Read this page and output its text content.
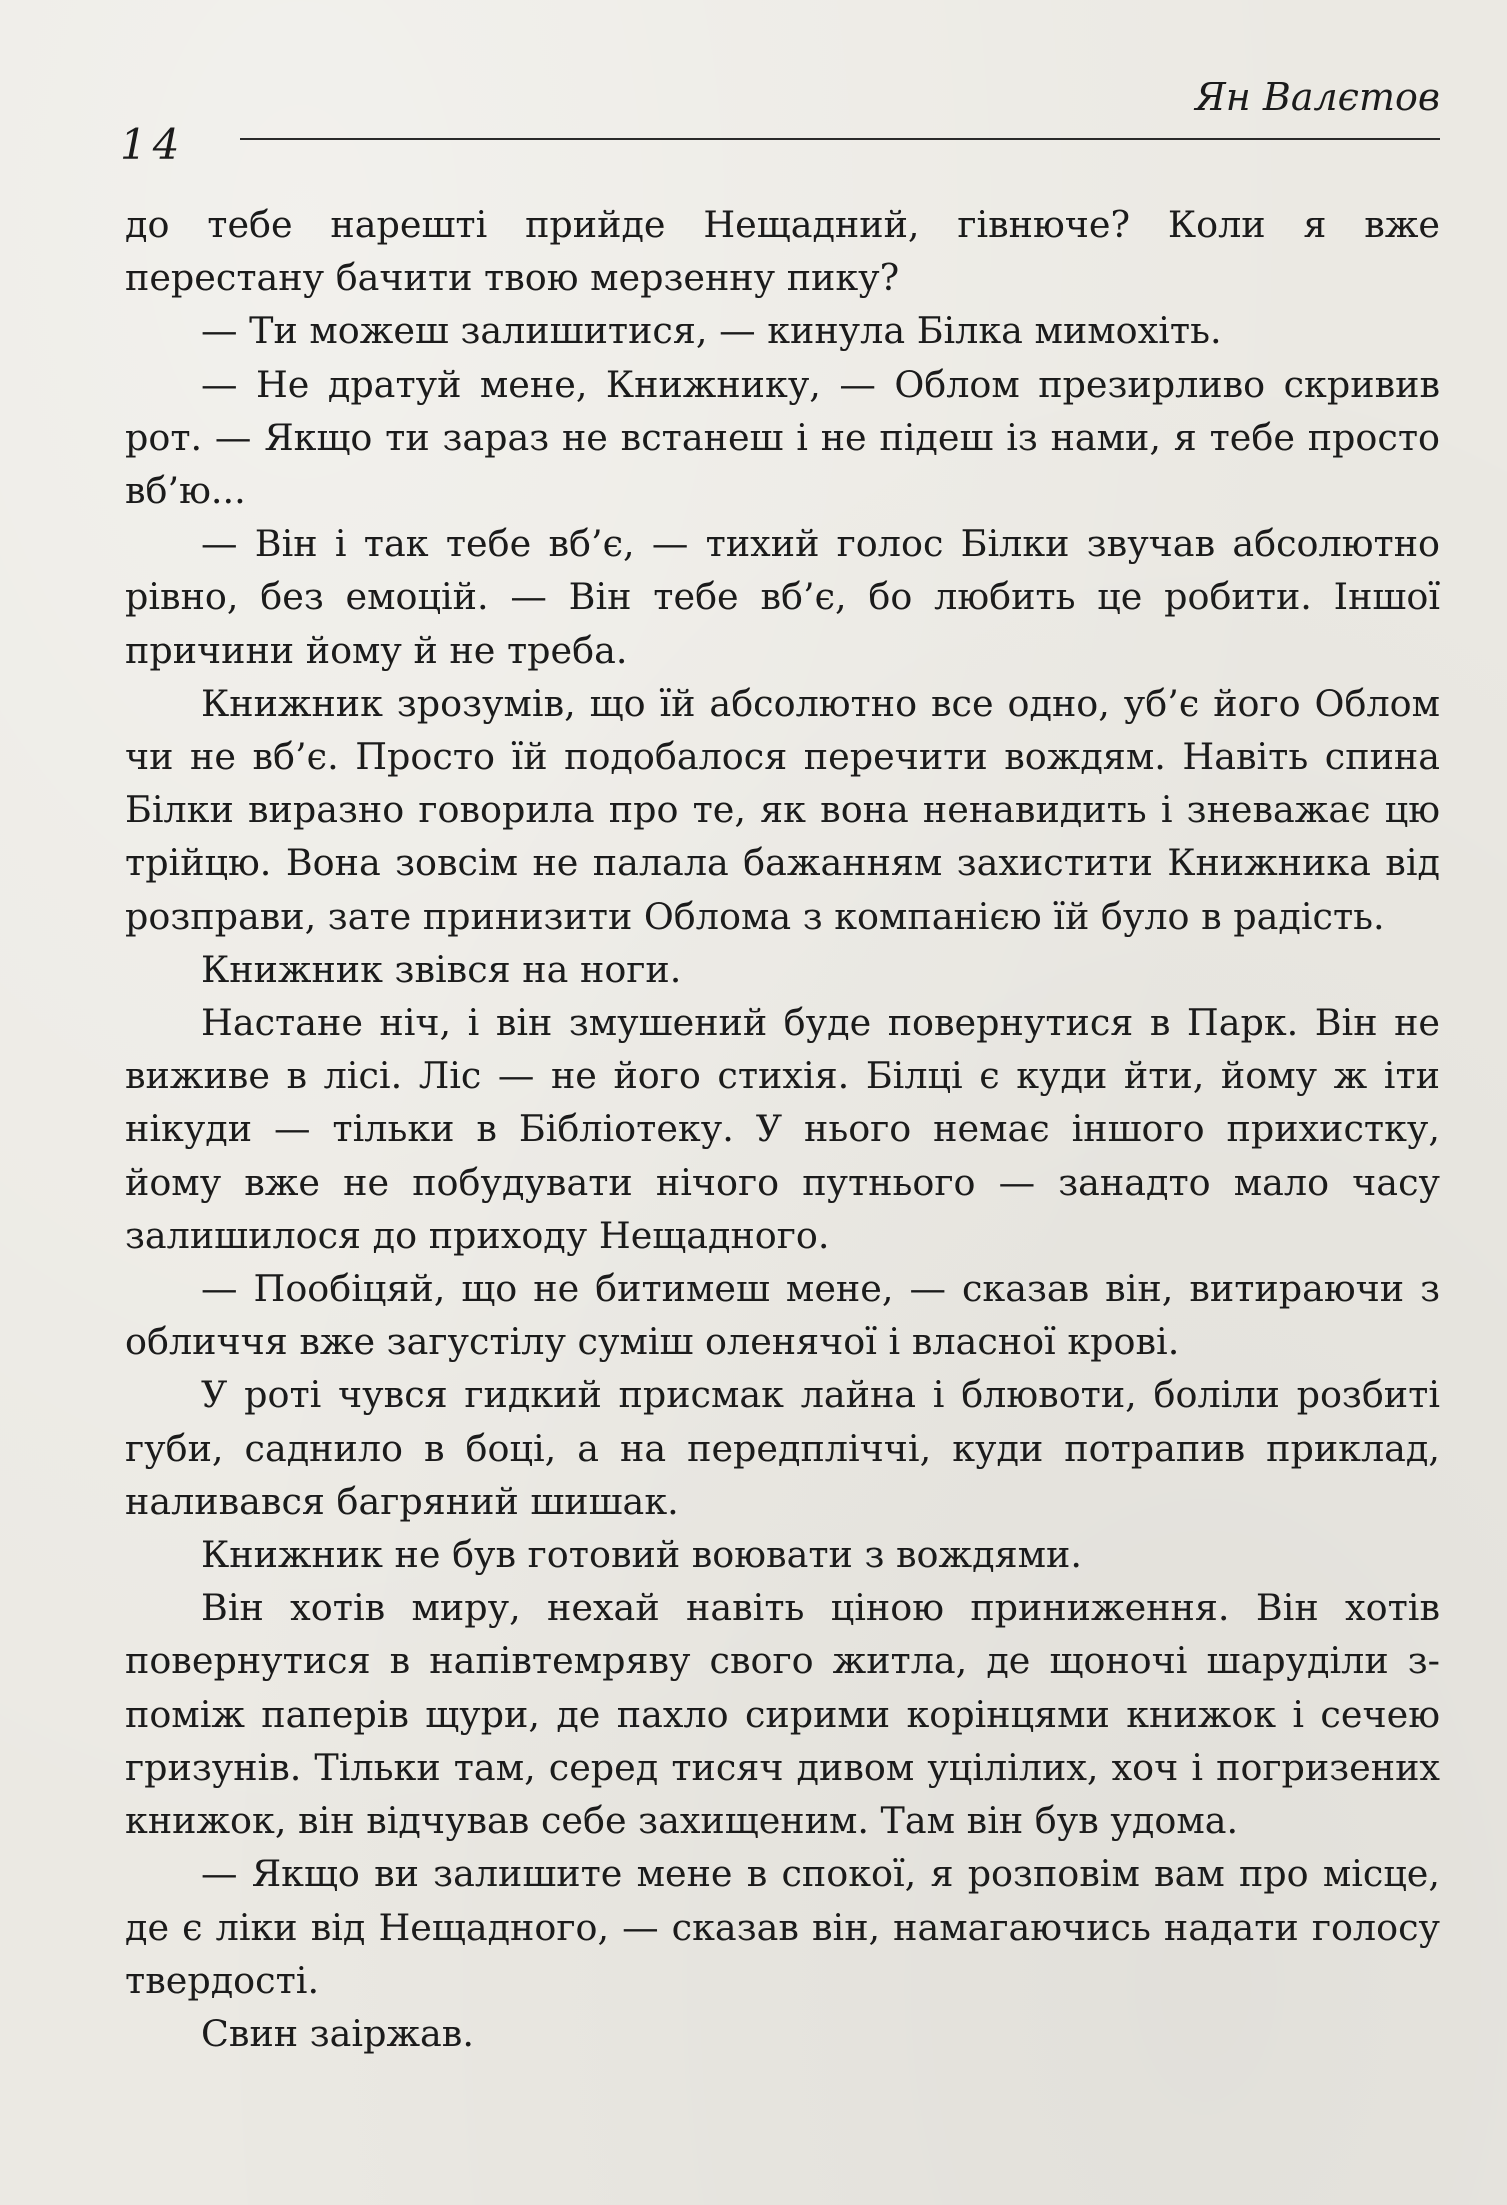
14
Ян Валєтов

до тебе нарешті прийде Нещадний, гівнюче? Коли я вже перестану бачити твою мерзенну пику?

— Ти можеш залишитися, — кинула Білка мимохіть.

— Не дратуй мене, Книжнику, — Облом презирливо скривив рот. — Якщо ти зараз не встанеш і не підеш із нами, я тебе просто вб’ю...

— Він і так тебе вб’є, — тихий голос Білки звучав абсолютно рівно, без емоцій. — Він тебе вб’є, бо любить це робити. Іншої причини йому й не треба.

Книжник зрозумів, що їй абсолютно все одно, уб’є його Облом чи не вб’є. Просто їй подобалося перечити вождям. Навіть спина Білки виразно говорила про те, як вона ненавидить і зневажає цю трійцю. Вона зовсім не палала бажанням захистити Книжника від розправи, зате принизити Облома з компанією їй було в радість.

Книжник звівся на ноги.

Настане ніч, і він змушений буде повернутися в Парк. Він не виживе в лісі. Ліс — не його стихія. Білці є куди йти, йому ж іти нікуди — тільки в Бібліотеку. У нього немає іншого прихистку, йому вже не побудувати нічого путнього — занадто мало часу залишилося до приходу Нещадного.

— Пообіцяй, що не битимеш мене, — сказав він, витираючи з обличчя вже загустілу суміш оленячої і власної крові.

У роті чувся гидкий присмак лайна і блювоти, боліли розбиті губи, саднило в боці, а на передпліччі, куди потрапив приклад, наливався багряний шишак.

Книжник не був готовий воювати з вождями.

Він хотів миру, нехай навіть ціною приниження. Він хотів повернутися в напівтемряву свого житла, де щоночі шаруділи з-поміж паперів щури, де пахло сирими корінцями книжок і сечею гризунів. Тільки там, серед тисяч дивом уцілілих, хоч і погризених книжок, він відчував себе захищеним. Там він був удома.

— Якщо ви залишите мене в спокої, я розповім вам про місце, де є ліки від Нещадного, — сказав він, намагаючись надати голосу твердості.

Свин заіржав.
